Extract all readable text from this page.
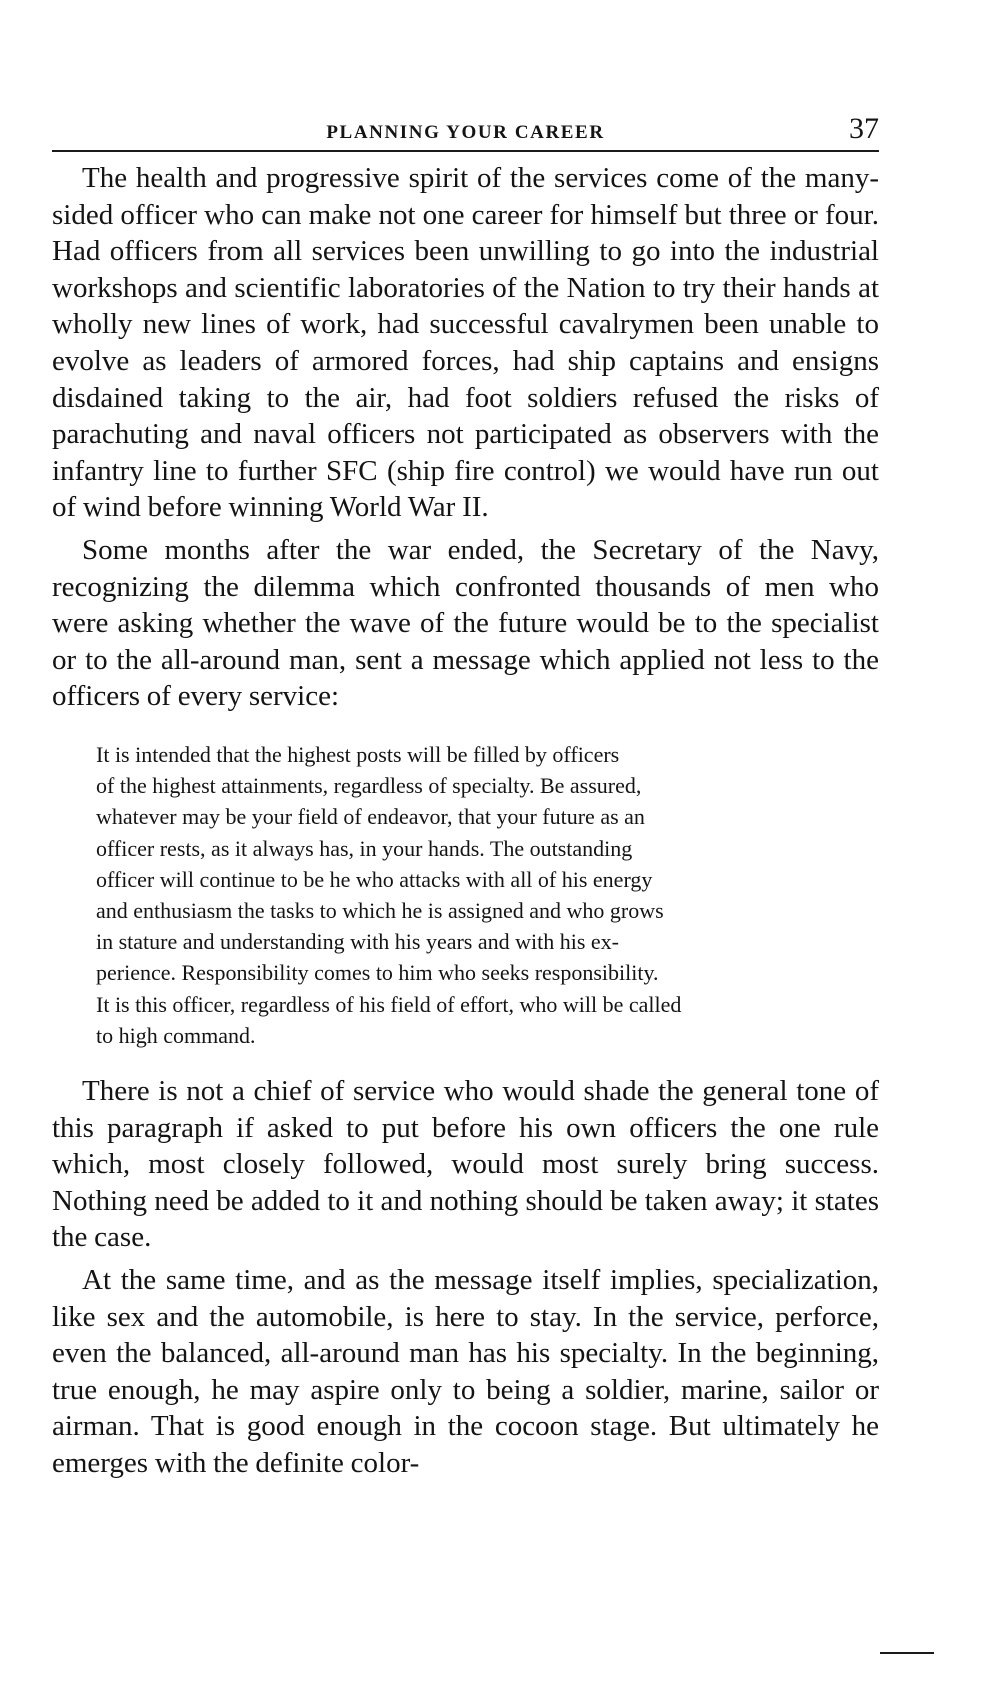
PLANNING YOUR CAREER	37

The health and progressive spirit of the services come of the many-sided officer who can make not one career for himself but three or four. Had officers from all services been unwilling to go into the industrial workshops and scientific laboratories of the Nation to try their hands at wholly new lines of work, had successful cavalrymen been unable to evolve as leaders of armored forces, had ship captains and ensigns disdained taking to the air, had foot soldiers refused the risks of parachuting and naval officers not participated as observers with the infantry line to further SFC (ship fire control) we would have run out of wind before winning World War II.

Some months after the war ended, the Secretary of the Navy, recognizing the dilemma which confronted thousands of men who were asking whether the wave of the future would be to the specialist or to the all-around man, sent a message which applied not less to the officers of every service:

It is intended that the highest posts will be filled by officers
of the highest attainments, regardless of specialty. Be assured,
whatever may be your field of endeavor, that your future as an
officer rests, as it always has, in your hands. The outstanding
officer will continue to be he who attacks with all of his energy
and enthusiasm the tasks to which he is assigned and who grows
in stature and understanding with his years and with his ex-
perience. Responsibility comes to him who seeks responsibility.
It is this officer, regardless of his field of effort, who will be called
to high command.

There is not a chief of service who would shade the general tone of this paragraph if asked to put before his own officers the one rule which, most closely followed, would most surely bring success. Nothing need be added to it and nothing should be taken away; it states the case.

At the same time, and as the message itself implies, specialization, like sex and the automobile, is here to stay. In the service, perforce, even the balanced, all-around man has his specialty. In the beginning, true enough, he may aspire only to being a soldier, marine, sailor or airman. That is good enough in the cocoon stage. But ultimately he emerges with the definite color-
